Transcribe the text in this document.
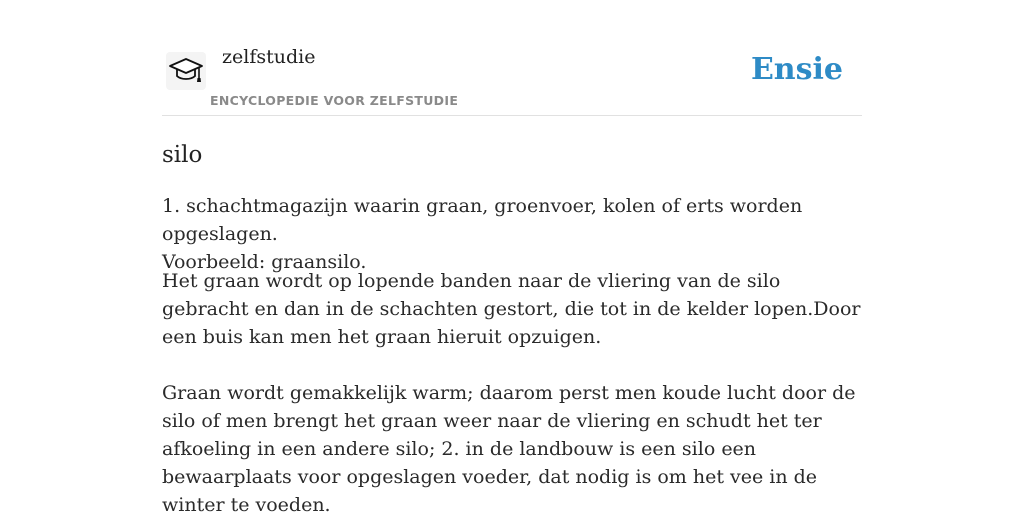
zelfstudie
ENCYCLOPEDIE VOOR ZELFSTUDIE
Ensie
silo

1. schachtmagazijn waarin graan, groenvoer, kolen of erts worden opgeslagen.

Voorbeeld: graansilo.

Het graan wordt op lopende banden naar de vliering van de silo gebracht en dan in de schachten gestort, die tot in de kelder lopen.Door een buis kan men het graan hieruit opzuigen.

Graan wordt gemakkelijk warm; daarom perst men koude lucht door de silo of men brengt het graan weer naar de vliering en schudt het ter afkoeling in een andere silo; 2. in de landbouw is een silo een bewaarplaats voor opgeslagen voeder, dat nodig is om het vee in de winter te voeden.
